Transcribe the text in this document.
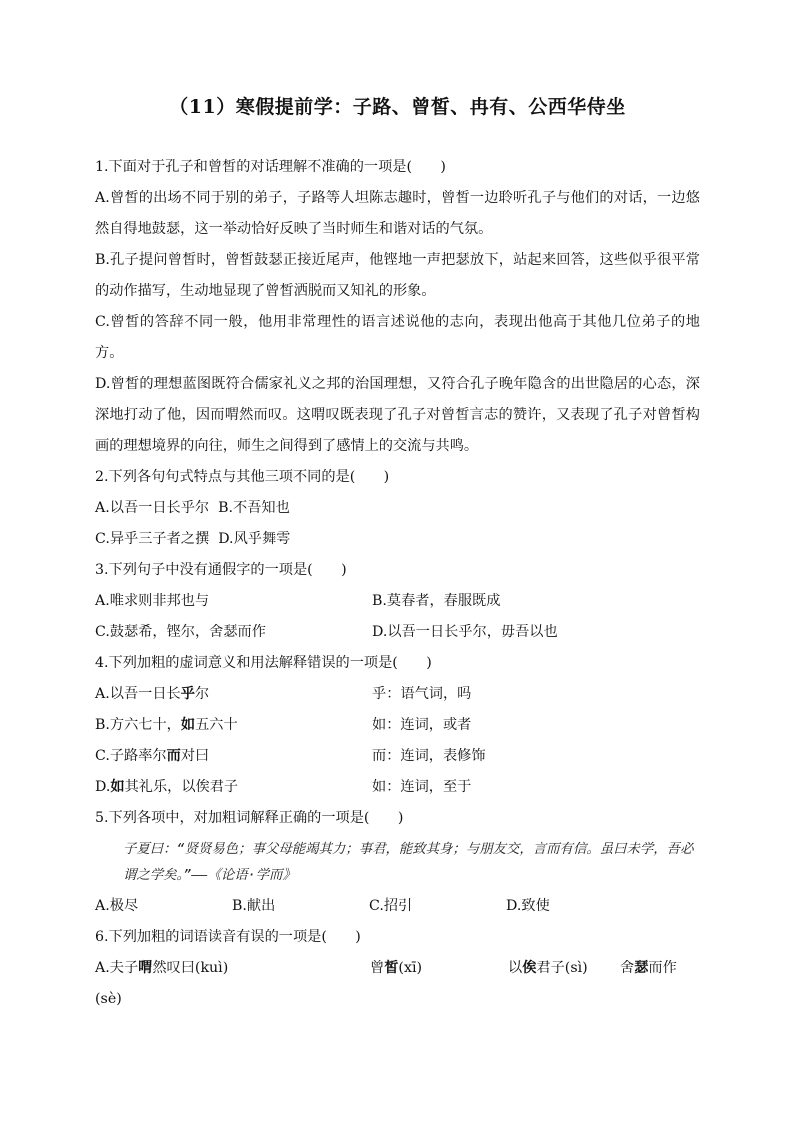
（11）寒假提前学：子路、曾皙、冉有、公西华侍坐
1.下面对于孔子和曾皙的对话理解不准确的一项是(　　)
A.曾皙的出场不同于别的弟子，子路等人坦陈志趣时，曾皙一边聆听孔子与他们的对话，一边悠然自得地鼓瑟，这一举动恰好反映了当时师生和谐对话的气氛。
B.孔子提问曾皙时，曾皙鼓瑟正接近尾声，他铿地一声把瑟放下，站起来回答，这些似乎很平常的动作描写，生动地显现了曾皙洒脱而又知礼的形象。
C.曾皙的答辞不同一般，他用非常理性的语言述说他的志向，表现出他高于其他几位弟子的地方。
D.曾皙的理想蓝图既符合儒家礼义之邦的治国理想，又符合孔子晚年隐含的出世隐居的心态，深深地打动了他，因而喟然而叹。这喟叹既表现了孔子对曾皙言志的赞许，又表现了孔子对曾皙构画的理想境界的向往，师生之间得到了感情上的交流与共鸣。
2.下列各句句式特点与其他三项不同的是(　　)
A.以吾一日长乎尔  B.不吾知也
C.异乎三子者之撰  D.风乎舞雩
3.下列句子中没有通假字的一项是(　　)
A.唯求则非邦也与	B.莫春者，春服既成
C.鼓瑟希，铿尔，舍瑟而作	D.以吾一日长乎尔，毋吾以也
4.下列加粗的虚词意义和用法解释错误的一项是(　　)
A.以吾一日长乎尔	乎：语气词，吗
B.方六七十，如五六十	如：连词，或者
C.子路率尔而对曰	而：连词，表修饰
D.如其礼乐，以俟君子	如：连词，至于
5.下列各项中，对加粗词解释正确的一项是(　　)
子夏曰：“贤贤易色；事父母能竭其力；事君，能致其身；与朋友交，言而有信。虽曰未学，吾必谓之学矣。”——《论语·学而》
A.极尽	B.献出	C.招引	D.致使
6.下列加粗的词语读音有误的一项是(　　)
A.夫子喟然叹曰(kuì)	曾皙(xī)	以俟君子(sì)	舍瑟而作
(sè)
